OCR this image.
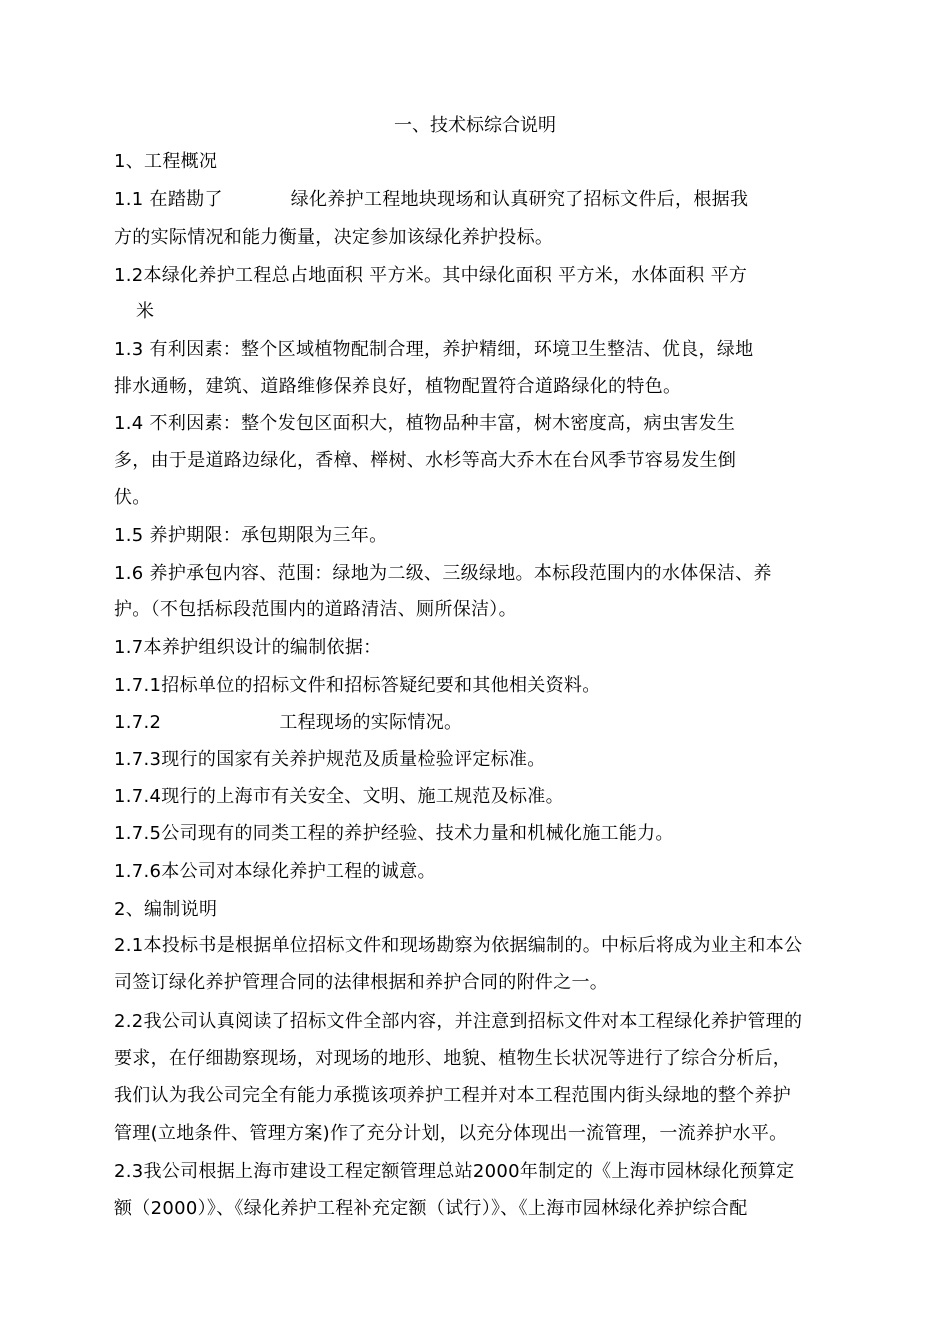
一、技术标综合说明
1、工程概况
1.1 在踏勘了	绿化养护工程地块现场和认真研究了招标文件后，根据我
方的实际情况和能力衡量，决定参加该绿化养护投标。
1.2本绿化养护工程总占地面积 平方米。其中绿化面积 平方米，水体面积 平方
米
1.3 有利因素：整个区域植物配制合理，养护精细，环境卫生整洁、优良，绿地
排水通畅，建筑、道路维修保养良好，植物配置符合道路绿化的特色。
1.4 不利因素：整个发包区面积大，植物品种丰富，树木密度高，病虫害发生
多，由于是道路边绿化，香樟、榉树、水杉等高大乔木在台风季节容易发生倒
伏。
1.5 养护期限：承包期限为三年。
1.6 养护承包内容、范围：绿地为二级、三级绿地。本标段范围内的水体保洁、养
护。（不包括标段范围内的道路清洁、厕所保洁）。
1.7本养护组织设计的编制依据：
1.7.1招标单位的招标文件和招标答疑纪要和其他相关资料。
1.7.2	工程现场的实际情况。
1.7.3现行的国家有关养护规范及质量检验评定标准。
1.7.4现行的上海市有关安全、文明、施工规范及标准。
1.7.5公司现有的同类工程的养护经验、技术力量和机械化施工能力。
1.7.6本公司对本绿化养护工程的诚意。
2、编制说明
2.1本投标书是根据单位招标文件和现场勘察为依据编制的。中标后将成为业主和本公
司签订绿化养护管理合同的法律根据和养护合同的附件之一。
2.2我公司认真阅读了招标文件全部内容，并注意到招标文件对本工程绿化养护管理的
要求，在仔细勘察现场，对现场的地形、地貌、植物生长状况等进行了综合分析后，
我们认为我公司完全有能力承揽该项养护工程并对本工程范围内街头绿地的整个养护
管理(立地条件、管理方案)作了充分计划，以充分体现出一流管理，一流养护水平。
2.3我公司根据上海市建设工程定额管理总站2000年制定的《上海市园林绿化预算定
额（2000）》、《绿化养护工程补充定额（试行）》、《上海市园林绿化养护综合配
